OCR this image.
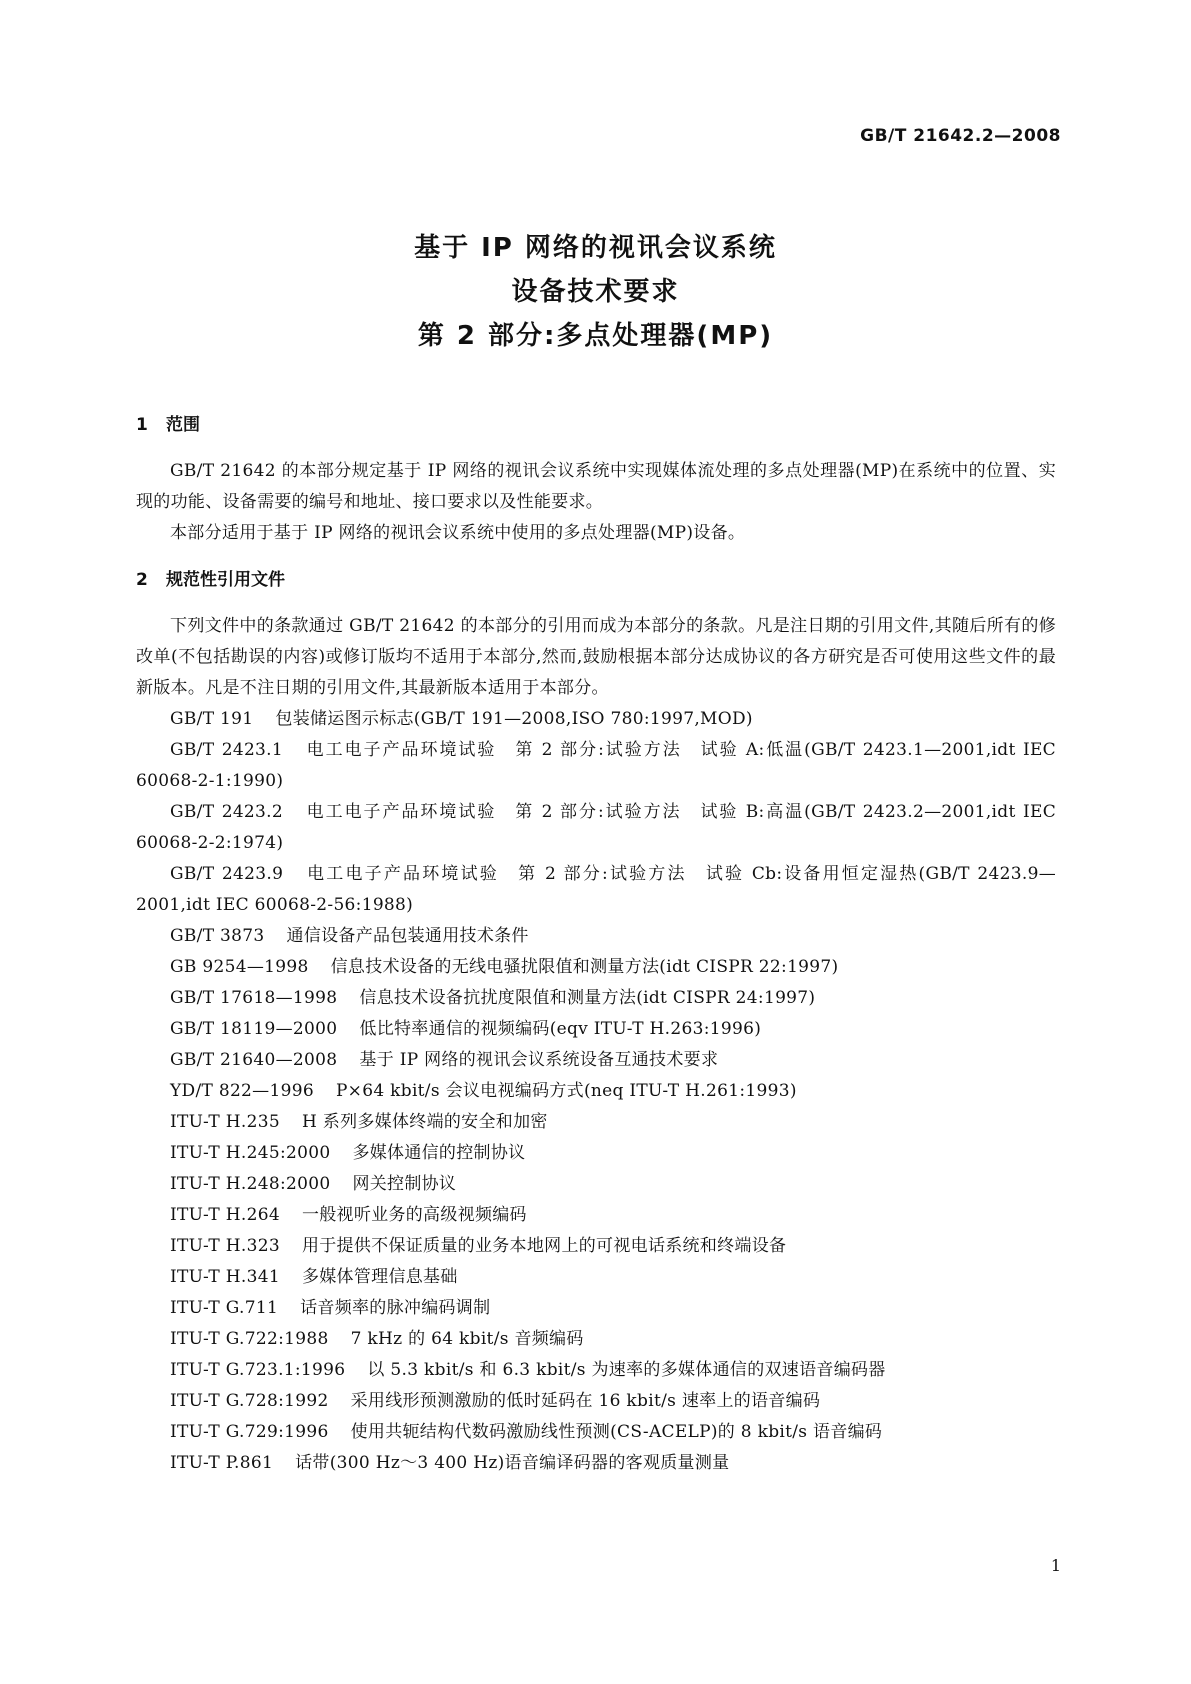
GB/T 21642.2—2008
基于 IP 网络的视讯会议系统
设备技术要求
第 2 部分:多点处理器(MP)
1 范围

GB/T 21642 的本部分规定基于 IP 网络的视讯会议系统中实现媒体流处理的多点处理器(MP)在系统中的位置、实现的功能、设备需要的编号和地址、接口要求以及性能要求。

本部分适用于基于 IP 网络的视讯会议系统中使用的多点处理器(MP)设备。

2 规范性引用文件

下列文件中的条款通过 GB/T 21642 的本部分的引用而成为本部分的条款。凡是注日期的引用文件,其随后所有的修改单(不包括勘误的内容)或修订版均不适用于本部分,然而,鼓励根据本部分达成协议的各方研究是否可使用这些文件的最新版本。凡是不注日期的引用文件,其最新版本适用于本部分。

GB/T 191 包装储运图示标志(GB/T 191—2008,ISO 780:1997,MOD)

GB/T 2423.1 电工电子产品环境试验　第 2 部分:试验方法　试验 A:低温(GB/T 2423.1—2001,idt IEC 60068-2-1:1990)

GB/T 2423.2 电工电子产品环境试验　第 2 部分:试验方法　试验 B:高温(GB/T 2423.2—2001,idt IEC 60068-2-2:1974)

GB/T 2423.9 电工电子产品环境试验　第 2 部分:试验方法　试验 Cb:设备用恒定湿热(GB/T 2423.9—2001,idt IEC 60068-2-56:1988)

GB/T 3873 通信设备产品包装通用技术条件

GB 9254—1998 信息技术设备的无线电骚扰限值和测量方法(idt CISPR 22:1997)

GB/T 17618—1998 信息技术设备抗扰度限值和测量方法(idt CISPR 24:1997)

GB/T 18119—2000 低比特率通信的视频编码(eqv ITU-T H.263:1996)

GB/T 21640—2008 基于 IP 网络的视讯会议系统设备互通技术要求

YD/T 822—1996 P×64 kbit/s 会议电视编码方式(neq ITU-T H.261:1993)

ITU-T H.235 H 系列多媒体终端的安全和加密

ITU-T H.245:2000 多媒体通信的控制协议

ITU-T H.248:2000 网关控制协议

ITU-T H.264 一般视听业务的高级视频编码

ITU-T H.323 用于提供不保证质量的业务本地网上的可视电话系统和终端设备

ITU-T H.341 多媒体管理信息基础

ITU-T G.711 话音频率的脉冲编码调制

ITU-T G.722:1988 7 kHz 的 64 kbit/s 音频编码

ITU-T G.723.1:1996 以 5.3 kbit/s 和 6.3 kbit/s 为速率的多媒体通信的双速语音编码器

ITU-T G.728:1992 采用线形预测激励的低时延码在 16 kbit/s 速率上的语音编码

ITU-T G.729:1996 使用共轭结构代数码激励线性预测(CS-ACELP)的 8 kbit/s 语音编码

ITU-T P.861 话带(300 Hz～3 400 Hz)语音编译码器的客观质量测量

1
